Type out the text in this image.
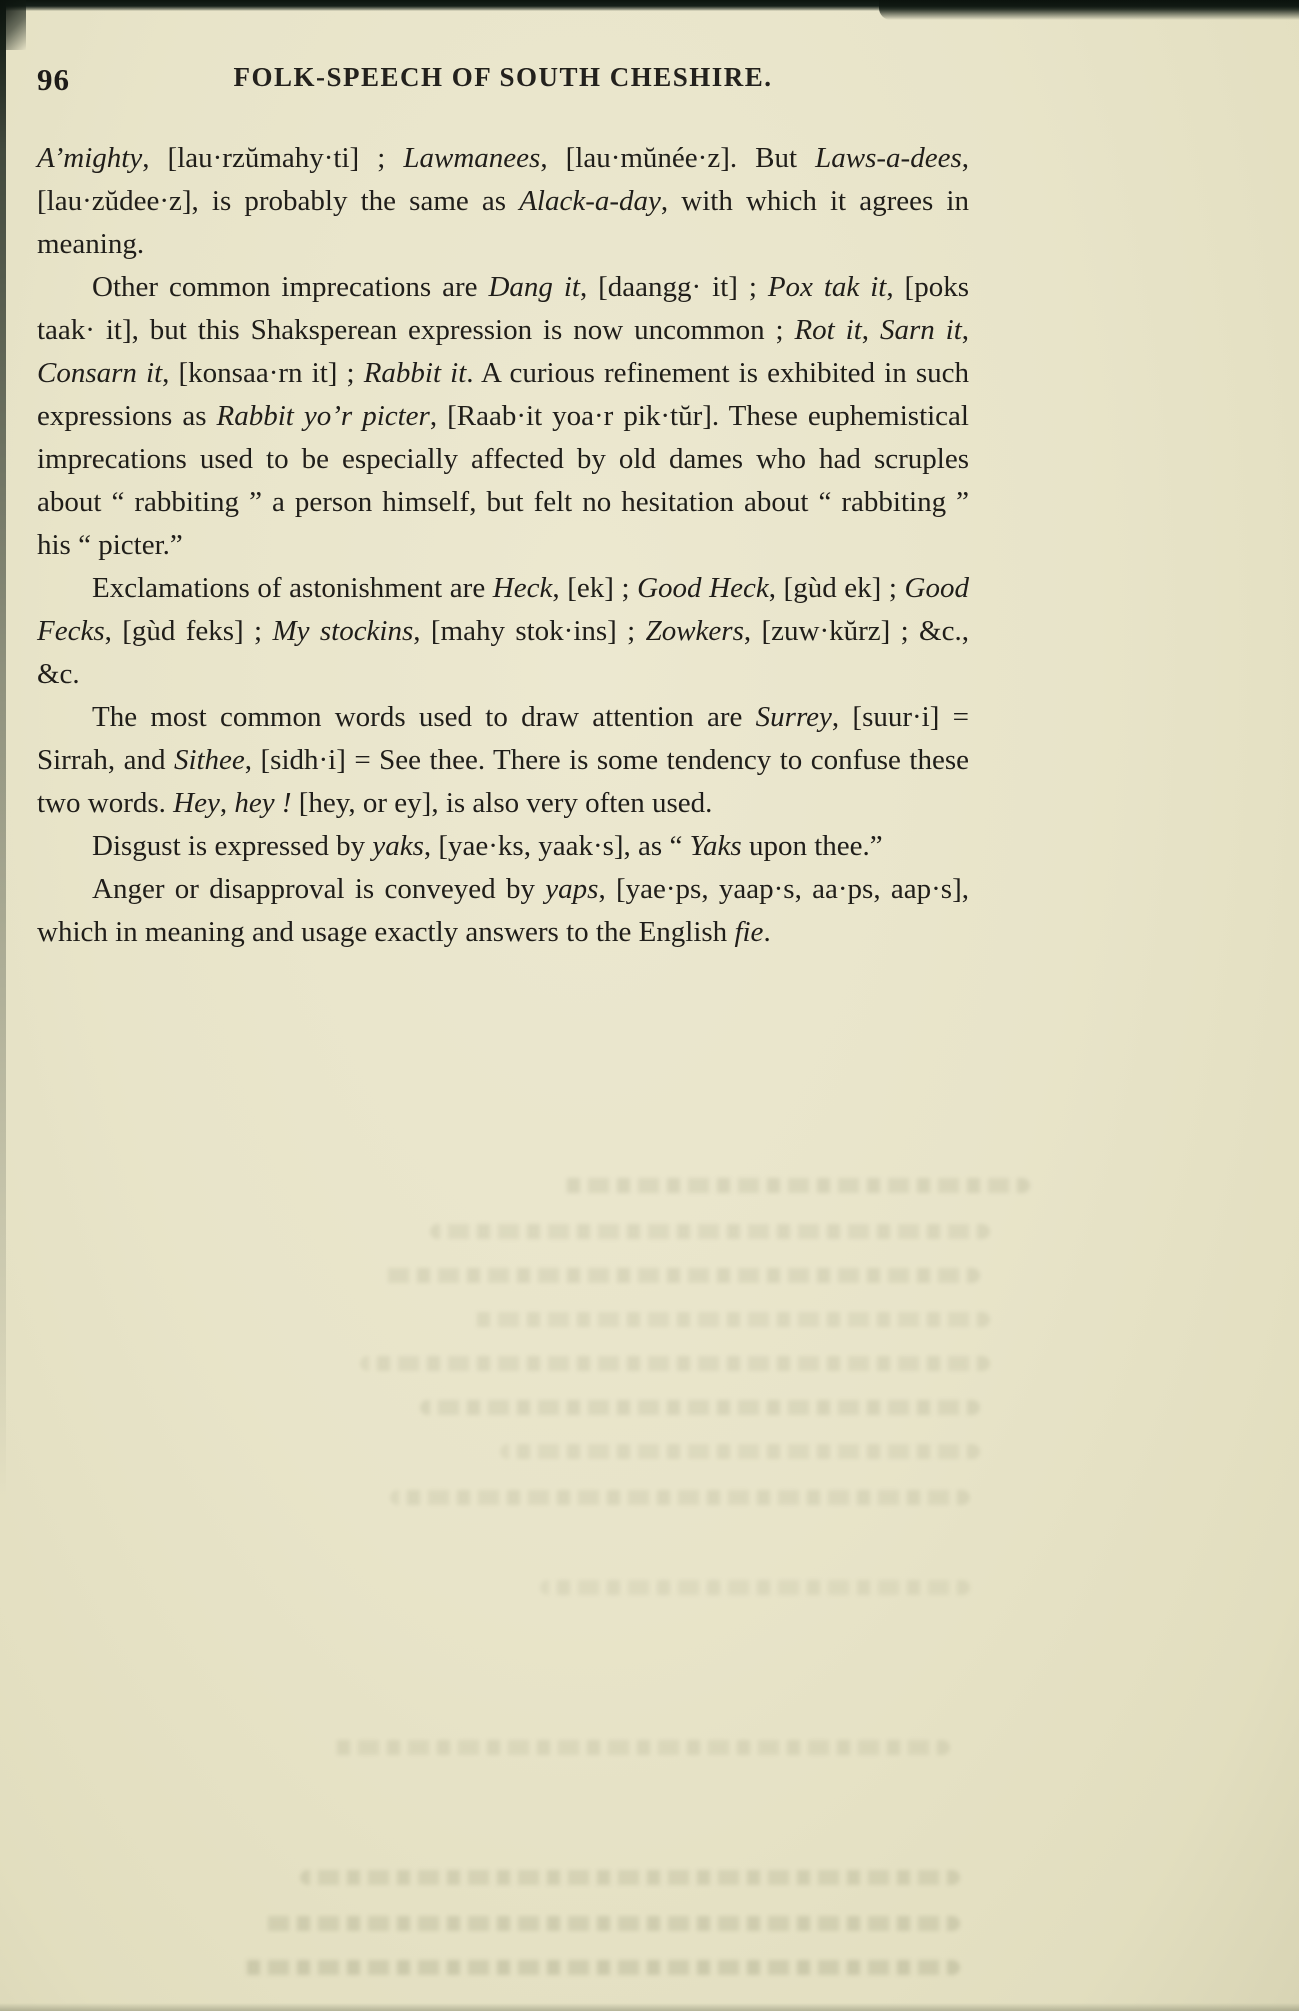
96	FOLK-SPEECH OF SOUTH CHESHIRE.

A’mighty, [lau·rzŭmahy·ti] ; Lawmanees, [lau·mŭnée·z]. But Laws-a-dees, [lau·zŭdee·z], is probably the same as Alack-a-day, with which it agrees in meaning.

Other common imprecations are Dang it, [daangg· it] ; Pox tak it, [poks taak· it], but this Shaksperean expression is now uncommon ; Rot it, Sarn it, Consarn it, [konsaa·rn it] ; Rabbit it. A curious refinement is exhibited in such expressions as Rabbit yo’r picter, [Raab·it yoa·r pik·tŭr]. These euphemistical imprecations used to be especially affected by old dames who had scruples about “ rabbiting ” a person himself, but felt no hesitation about “ rabbiting ” his “ picter.”

Exclamations of astonishment are Heck, [ek] ; Good Heck, [gùd ek] ; Good Fecks, [gùd feks] ; My stockins, [mahy stok·ins] ; Zowkers, [zuw·kŭrz] ; &c., &c.

The most common words used to draw attention are Surrey, [suur·i] = Sirrah, and Sithee, [sidh·i] = See thee. There is some tendency to confuse these two words. Hey, hey ! [hey, or ey], is also very often used.

Disgust is expressed by yaks, [yae·ks, yaak·s], as “ Yaks upon thee.”

Anger or disapproval is conveyed by yaps, [yae·ps, yaap·s, aa·ps, aap·s], which in meaning and usage exactly answers to the English fie.
